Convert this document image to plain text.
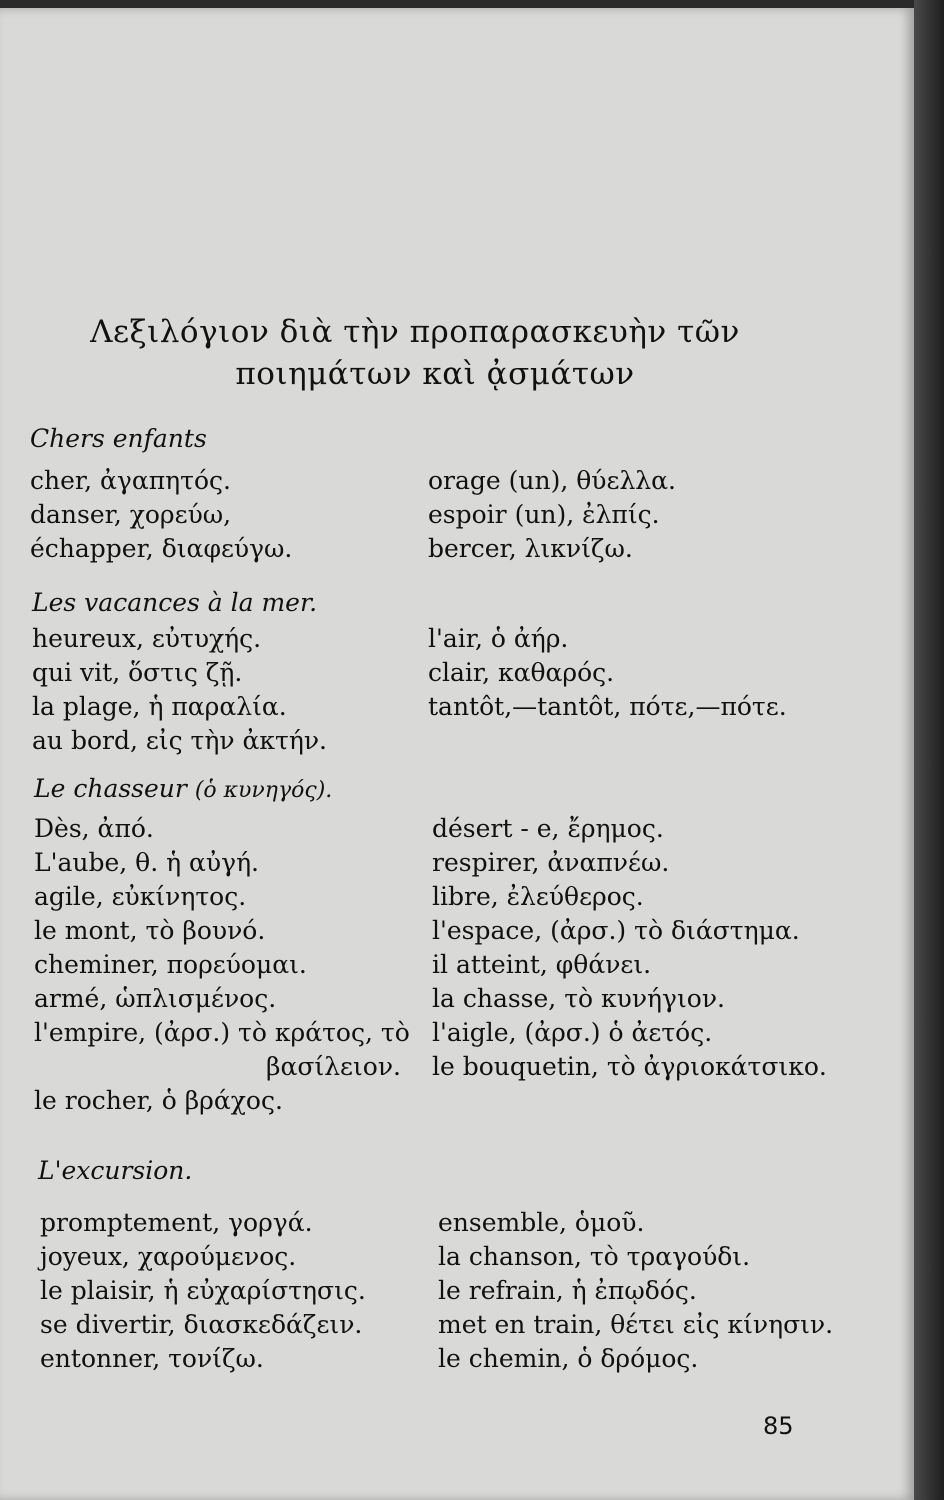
Λεξιλόγιον διὰ τὴν προπαρασκευὴν τῶν
ποιημάτων καὶ ᾀσμάτων
Chers enfants
cher, ἀγαπητός.
danser, χορεύω,
échapper, διαφεύγω.
orage (un), θύελλα.
espoir (un), ἐλπίς.
bercer, λικνίζω.
Les vacances à la mer.
heureux, εὐτυχής.
qui vit, ὅστις ζῇ.
la plage, ἡ παραλία.
au bord, εἰς τὴν ἀκτήν.
l'air, ὁ ἀήρ.
clair, καθαρός.
tantôt,—tantôt, πότε,—πότε.
Le chasseur (ὁ κυνηγός).
Dès, ἀπό.
L'aube, θ. ἡ αὐγή.
agile, εὐκίνητος.
le mont, τὸ βουνό.
cheminer, πορεύομαι.
armé, ὡπλισμένος.
l'empire, (ἀρσ.) τὸ κράτος, τὸ
βασίλειον.
le rocher, ὁ βράχος.
désert - e, ἔρημος.
respirer, ἀναπνέω.
libre, ἐλεύθερος.
l'espace, (ἀρσ.) τὸ διάστημα.
il atteint, φθάνει.
la chasse, τὸ κυνήγιον.
l'aigle, (ἀρσ.) ὁ ἀετός.
le bouquetin, τὸ ἀγριοκάτσικο.
L'excursion.
promptement, γοργά.
joyeux, χαρούμενος.
le plaisir, ἡ εὐχαρίστησις.
se divertir, διασκεδάζειν.
entonner, τονίζω.
ensemble, ὁμοῦ.
la chanson, τὸ τραγούδι.
le refrain, ἡ ἐπῳδός.
met en train, θέτει εἰς κίνησιν.
le chemin, ὁ δρόμος.
85
